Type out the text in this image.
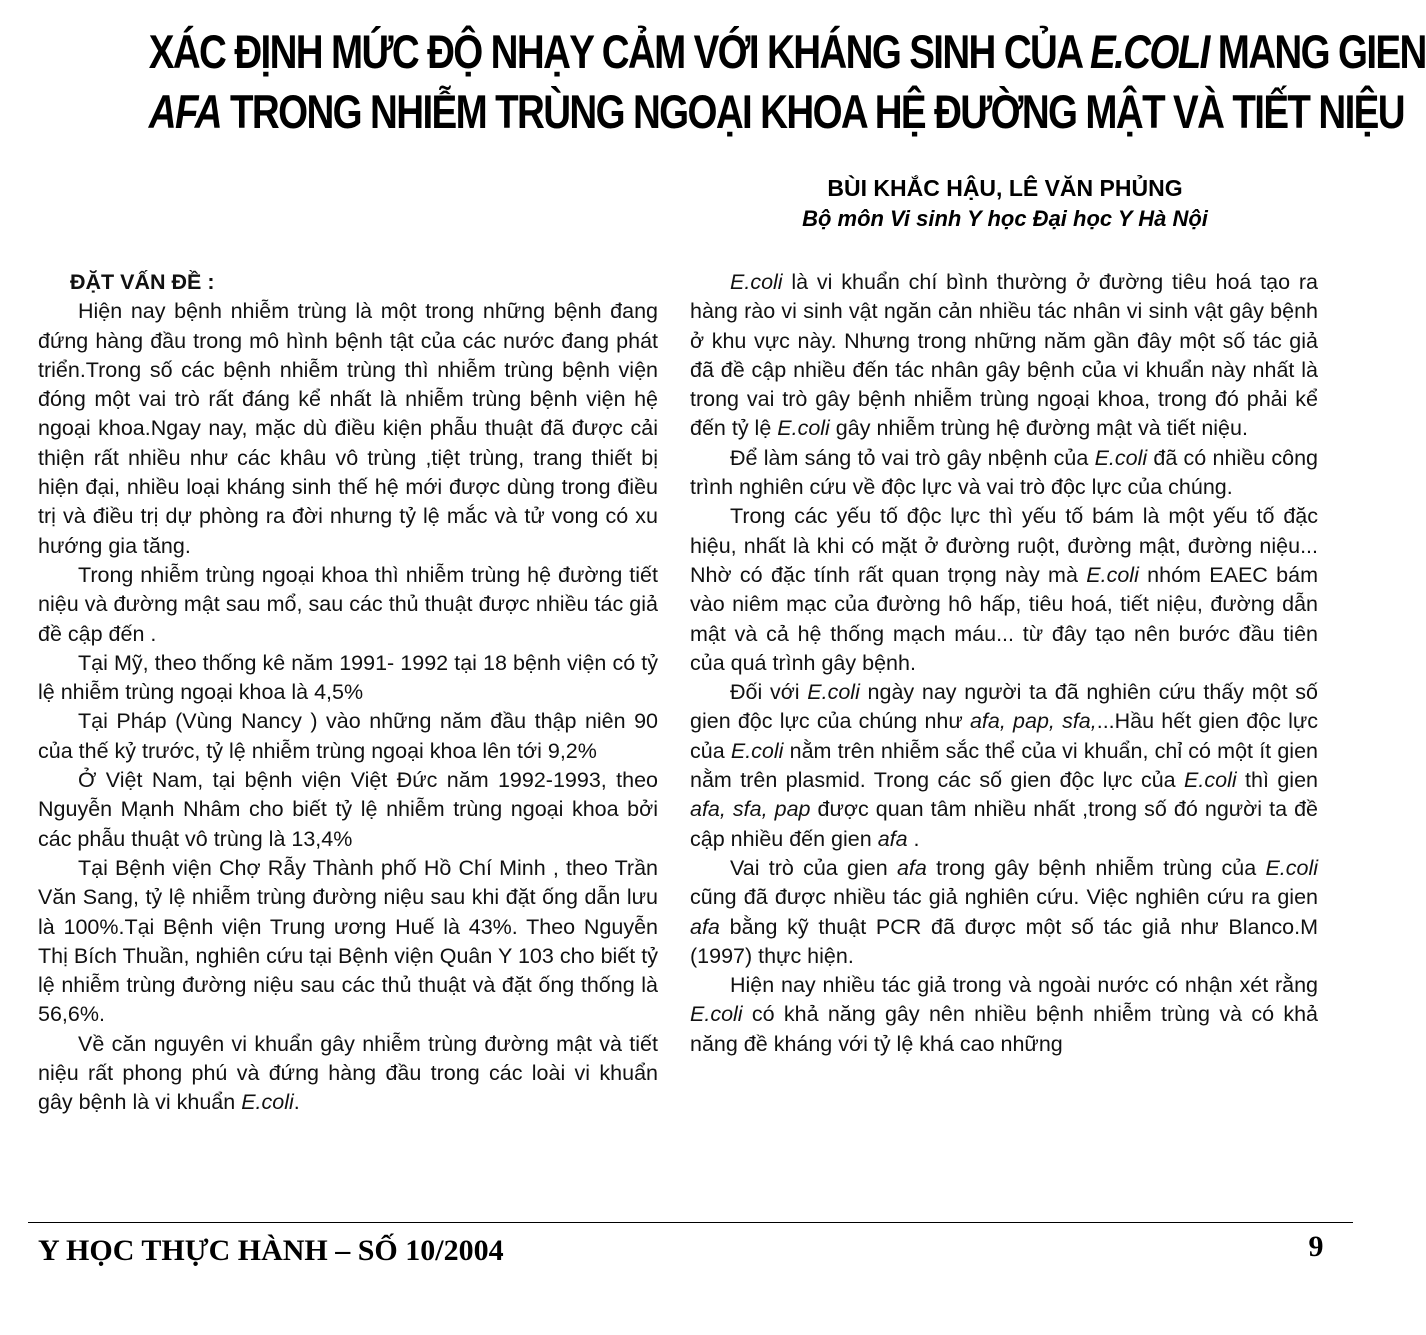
XÁC ĐỊNH MỨC ĐỘ NHẠY CẢM VỚI KHÁNG SINH CỦA E.COLI MANG GIEN
AFA TRONG NHIỄM TRÙNG NGOẠI KHOA HỆ ĐƯỜNG MẬT VÀ TIẾT NIỆU
BÙI KHẮC HẬU, LÊ VĂN PHỦNG
Bộ môn Vi sinh Y học Đại học Y Hà Nội
ĐẶT VẤN ĐỀ :

Hiện nay bệnh nhiễm trùng là một trong những bệnh đang đứng hàng đầu trong mô hình bệnh tật của các nước đang phát triển.Trong số các bệnh nhiễm trùng thì nhiễm trùng bệnh viện đóng một vai trò rất đáng kể nhất là nhiễm trùng bệnh viện hệ ngoại khoa.Ngay nay, mặc dù điều kiện phẫu thuật đã được cải thiện rất nhiều như các khâu vô trùng ,tiệt trùng, trang thiết bị hiện đại, nhiều loại kháng sinh thế hệ mới được dùng trong điều trị và điều trị dự phòng ra đời nhưng tỷ lệ mắc và tử vong có xu hướng gia tăng.

Trong nhiễm trùng ngoại khoa thì nhiễm trùng hệ đường tiết niệu và đường mật sau mổ, sau các thủ thuật được nhiều tác giả đề cập đến .

Tại Mỹ, theo thống kê năm 1991- 1992 tại 18 bệnh viện có tỷ lệ nhiễm trùng ngoại khoa là 4,5%

Tại Pháp (Vùng Nancy ) vào những năm đầu thập niên 90 của thế kỷ trước, tỷ lệ nhiễm trùng ngoại khoa lên tới 9,2%

Ở Việt Nam, tại bệnh viện Việt Đức năm 1992-1993, theo Nguyễn Mạnh Nhâm cho biết tỷ lệ nhiễm trùng ngoại khoa bởi các phẫu thuật vô trùng là 13,4%

Tại Bệnh viện Chợ Rẫy Thành phố Hồ Chí Minh , theo Trần Văn Sang, tỷ lệ nhiễm trùng đường niệu sau khi đặt ống dẫn lưu là 100%.Tại Bệnh viện Trung ương Huế là 43%. Theo Nguyễn Thị Bích Thuần, nghiên cứu tại Bệnh viện Quân Y 103 cho biết tỷ lệ nhiễm trùng đường niệu sau các thủ thuật và đặt ống thống là 56,6%.

Về căn nguyên vi khuẩn gây nhiễm trùng đường mật và tiết niệu rất phong phú và đứng hàng đầu trong các loài vi khuẩn gây bệnh là vi khuẩn E.coli.

E.coli là vi khuẩn chí bình thường ở đường tiêu hoá tạo ra hàng rào vi sinh vật ngăn cản nhiều tác nhân vi sinh vật gây bệnh ở khu vực này. Nhưng trong những năm gần đây một số tác giả đã đề cập nhiều đến tác nhân gây bệnh của vi khuẩn này nhất là trong vai trò gây bệnh nhiễm trùng ngoại khoa, trong đó phải kể đến tỷ lệ E.coli gây nhiễm trùng hệ đường mật và tiết niệu.

Để làm sáng tỏ vai trò gây nbệnh của E.coli đã có nhiều công trình nghiên cứu về độc lực và vai trò độc lực của chúng.

Trong các yếu tố độc lực thì yếu tố bám là một yếu tố đặc hiệu, nhất là khi có mặt ở đường ruột, đường mật, đường niệu... Nhờ có đặc tính rất quan trọng này mà E.coli nhóm EAEC bám vào niêm mạc của đường hô hấp, tiêu hoá, tiết niệu, đường dẫn mật và cả hệ thống mạch máu... từ đây tạo nên bước đầu tiên của quá trình gây bệnh.

Đối với E.coli ngày nay người ta đã nghiên cứu thấy một số gien độc lực của chúng như afa, pap, sfa,...Hầu hết gien độc lực của E.coli nằm trên nhiễm sắc thể của vi khuẩn, chỉ có một ít gien nằm trên plasmid. Trong các số gien độc lực của E.coli thì gien afa, sfa, pap được quan tâm nhiều nhất ,trong số đó người ta đề cập nhiều đến gien afa .

Vai trò của gien afa trong gây bệnh nhiễm trùng của E.coli cũng đã được nhiều tác giả nghiên cứu. Việc nghiên cứu ra gien afa bằng kỹ thuật PCR đã được một số tác giả như Blanco.M (1997) thực hiện.

Hiện nay nhiều tác giả trong và ngoài nước có nhận xét rằng E.coli có khả năng gây nên nhiều bệnh nhiễm trùng và có khả năng đề kháng với tỷ lệ khá cao những

Y HỌC THỰC HÀNH – SỐ 10/2004	9
